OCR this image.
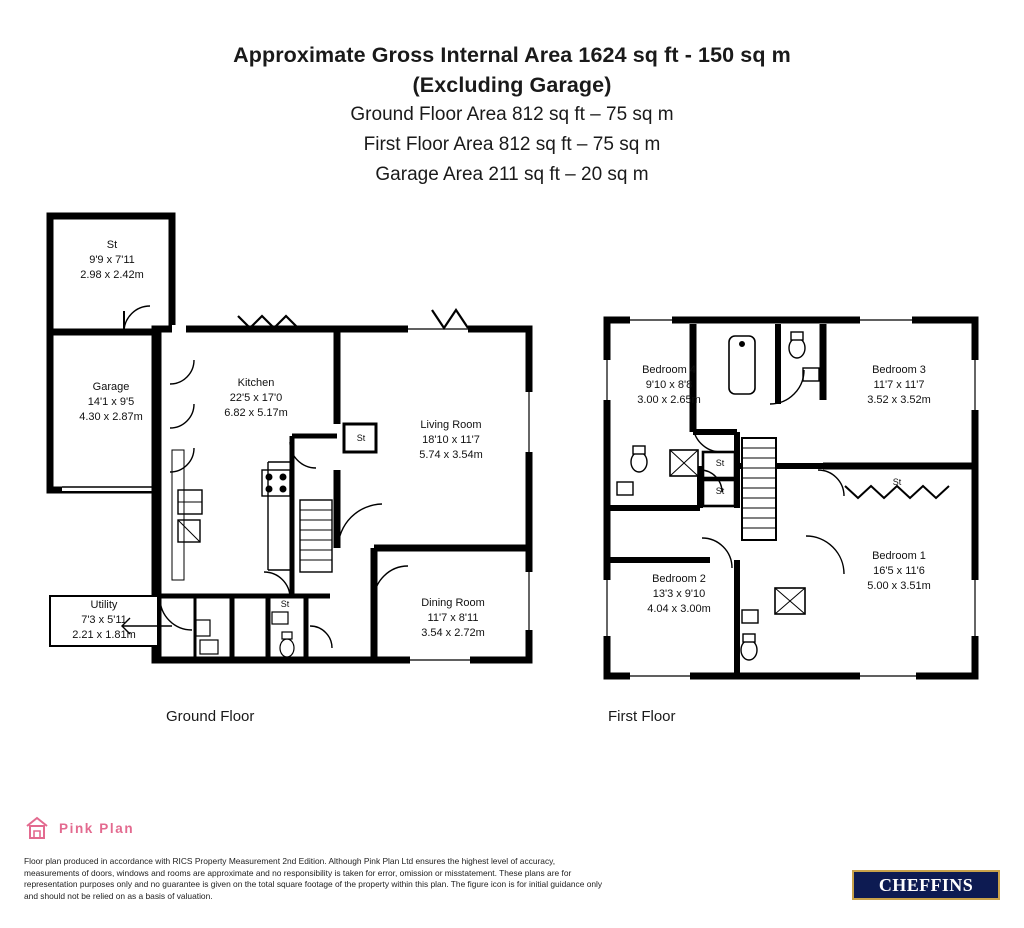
Approximate Gross Internal Area 1624 sq ft - 150 sq m
(Excluding Garage)
Ground Floor Area 812 sq ft – 75 sq m
First Floor Area 812 sq ft – 75 sq m
Garage Area 211 sq ft – 20 sq m
St
9'9 x 7'11
2.98 x 2.42m
Garage
14'1 x 9'5
4.30 x 2.87m
Kitchen
22'5 x 17'0
6.82 x 5.17m
Living Room
18'10 x 11'7
5.74 x 3.54m
Dining Room
11'7 x 8'11
3.54 x 2.72m
Utility
7'3 x 5'11
2.21 x 1.81m
St
St
Bedroom 4
9'10 x 8'8
3.00 x 2.65m
Bedroom 3
11'7 x 11'7
3.52 x 3.52m
Bedroom 2
13'3 x 9'10
4.04 x 3.00m
Bedroom 1
16'5 x 11'6
5.00 x 3.51m
St
St
St
Ground Floor	First Floor
Pink Plan
Floor plan produced in accordance with RICS Property Measurement 2nd Edition. Although Pink Plan Ltd ensures the highest level of accuracy, measurements of doors, windows and rooms are approximate and no responsibility is taken for error, omission or misstatement. These plans are for representation purposes only and no guarantee is given on the total square footage of the property within this plan. The figure icon is for initial guidance only and should not be relied on as a basis of valuation.
CHEFFINS
